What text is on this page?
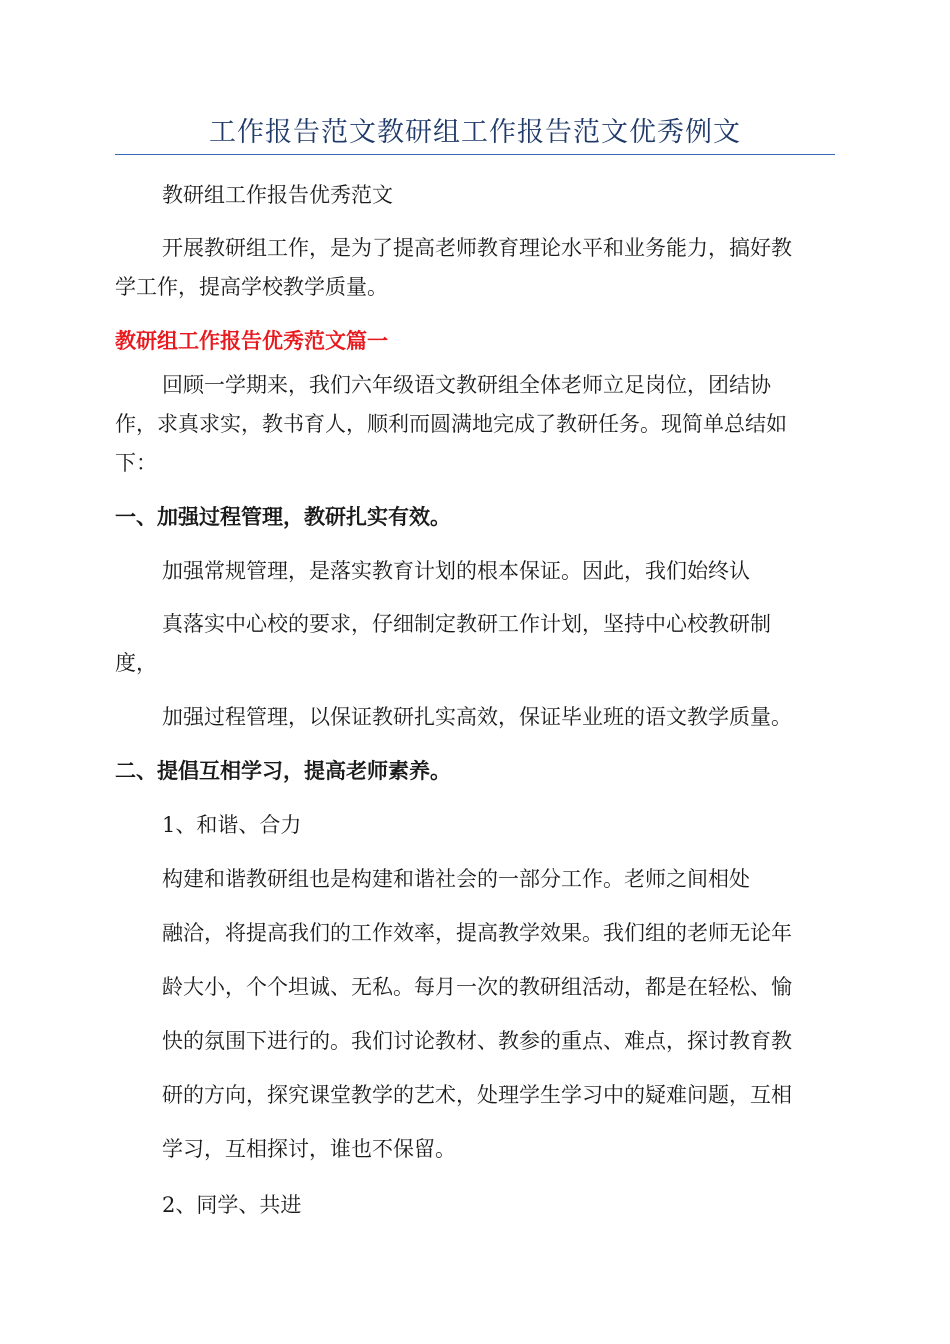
工作报告范文教研组工作报告范文优秀例文
教研组工作报告优秀范文
开展教研组工作，是为了提高老师教育理论水平和业务能力，搞好教
学工作，提高学校教学质量。
教研组工作报告优秀范文篇一
回顾一学期来，我们六年级语文教研组全体老师立足岗位，团结协
作，求真求实，教书育人，顺利而圆满地完成了教研任务。现简单总结如
下：
一、加强过程管理，教研扎实有效。
加强常规管理，是落实教育计划的根本保证。因此，我们始终认
真落实中心校的要求，仔细制定教研工作计划，坚持中心校教研制
度，
加强过程管理，以保证教研扎实高效，保证毕业班的语文教学质量。
二、提倡互相学习，提高老师素养。
1、和谐、合力
构建和谐教研组也是构建和谐社会的一部分工作。老师之间相处
融洽，将提高我们的工作效率，提高教学效果。我们组的老师无论年
龄大小，个个坦诚、无私。每月一次的教研组活动，都是在轻松、愉
快的氛围下进行的。我们讨论教材、教参的重点、难点，探讨教育教
研的方向，探究课堂教学的艺术，处理学生学习中的疑难问题，互相
学习，互相探讨，谁也不保留。
2、同学、共进
